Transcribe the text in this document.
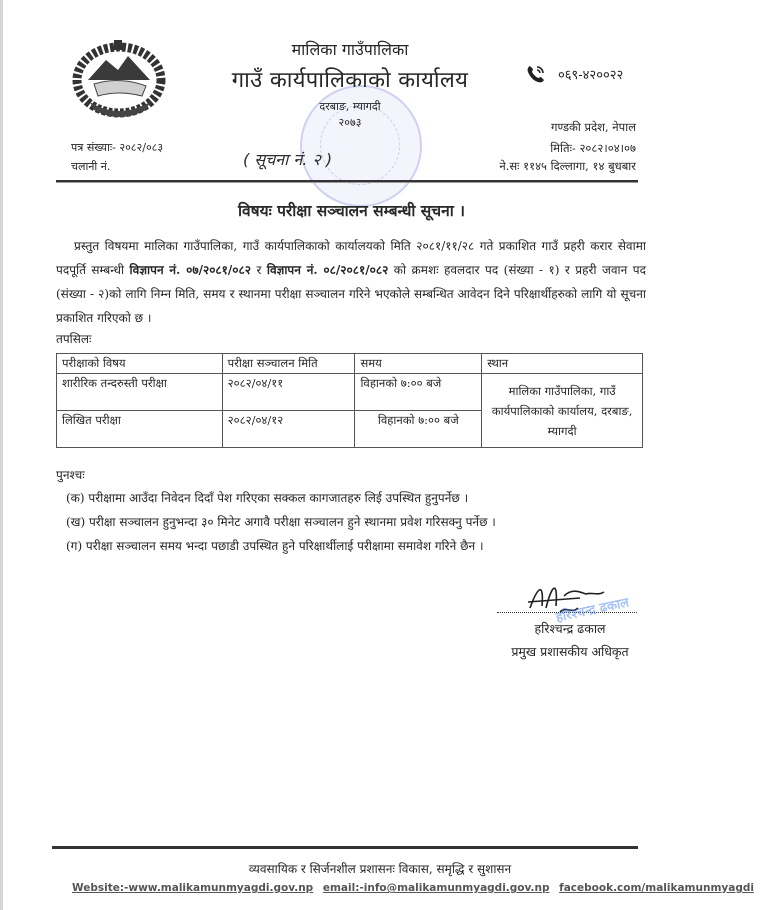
मालिका गाउँपालिका
गाउँ कार्यपालिकाको कार्यालय
दरबाङ, म्यागदी
२०७३
०६९-४२००२२
गण्डकी प्रदेश, नेपाल
मितिः- २०८२।०४।०७
ने.सः ११४५ दिल्लागा, १४ बुधबार
पत्र संख्याः- २०८२/०८३
चलानी नं.	( सूचना नं. २ )
विषयः परीक्षा सञ्चालन सम्बन्धी सूचना ।
प्रस्तुत विषयमा मालिका गाउँपालिका, गाउँ कार्यपालिकाको कार्यालयको मिति २०८१/११/२८ गते प्रकाशित गाउँ प्रहरी करार सेवामा पदपूर्ति सम्बन्धी विज्ञापन नं. ०७/२०८१/०८२ र विज्ञापन नं. ०८/२०८१/०८२ को क्रमशः हवलदार पद (संख्या - १) र प्रहरी जवान पद (संख्या - २)को लागि निम्न मिति, समय र स्थानमा परीक्षा सञ्चालन गरिने भएकोले सम्बन्धित आवेदन दिने परिक्षार्थीहरुको लागि यो सूचना प्रकाशित गरिएको छ ।
तपसिलः
परीक्षाको विषय	परीक्षा सञ्चालन मिति	समय	स्थान
शारीरिक तन्दरुस्ती परीक्षा	२०८२/०४/११	विहानको ७:०० बजे	मालिका गाउँपालिका, गाउँ कार्यपालिकाको कार्यालय, दरबाङ, म्यागदी
लिखित परीक्षा	२०८२/०४/१२	विहानको ७:०० बजे	
पुनश्चः
(क) परीक्षामा आउँदा निवेदन दिदाँ पेश गरिएका सक्कल कागजातहरु लिई उपस्थित हुनुपर्नेछ ।
(ख) परीक्षा सञ्चालन हुनुभन्दा ३० मिनेट अगावै परीक्षा सञ्चालन हुने स्थानमा प्रवेश गरिसक्नु पर्नेछ ।
(ग) परीक्षा सञ्चालन समय भन्दा पछाडी उपस्थित हुने परिक्षार्थीलाई परीक्षामा समावेश गरिने छैन ।
हरिश्चन्द्र ढकाल
हरिश्चन्द्र ढकाल
प्रमुख प्रशासकीय अधिकृत
व्यवसायिक र सिर्जनशील प्रशासनः विकास, समृद्धि र सुशासन
Website:-www.malikamunmyagdi.gov.np email:-info@malikamunmyagdi.gov.np facebook.com/malikamunmyagdi
